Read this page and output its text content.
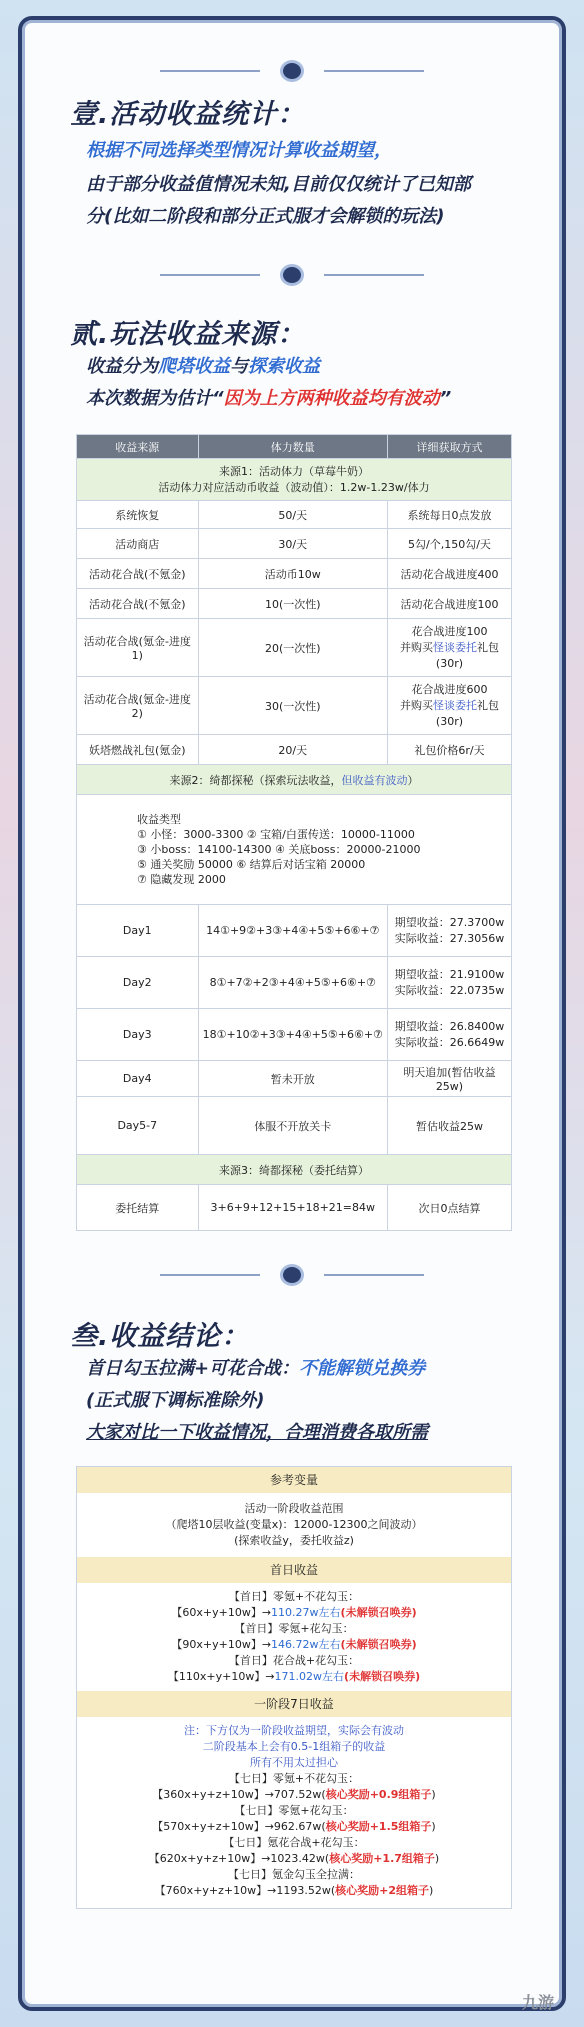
壹.活动收益统计：
根据不同选择类型情况计算收益期望，
由于部分收益值情况未知,目前仅仅统计了已知部
分(比如二阶段和部分正式服才会解锁的玩法)
贰.玩法收益来源：
收益分为爬塔收益与探索收益
本次数据为估计“因为上方两种收益均有波动”
收益来源	体力数量	详细获取方式

来源1：活动体力（草莓牛奶）
活动体力对应活动币收益（波动值）：1.2w-1.23w/体力		

系统恢复	50/天	系统每日0点发放
活动商店	30/天	5勾/个,150勾/天
活动花合战(不氪金)	活动币10w	活动花合战进度400
活动花合战(不氪金)	10(一次性)	活动花合战进度100
活动花合战(氪金-进度1)	20(一次性)	花合战进度100
并购买怪谈委托礼包
(30r)

活动花合战(氪金-进度2)	30(一次性)	花合战进度600
并购买怪谈委托礼包
(30r)

妖塔燃战礼包(氪金)	20/天	礼包价格6r/天
来源2：绮都探秘（探索玩法收益，但收益有波动）		

收益类型
① 小怪：3000-3300 ② 宝箱/白蛋传送：10000-11000
③ 小boss：14100-14300 ④ 关底boss：20000-21000
⑤ 通关奖励 50000 ⑥ 结算后对话宝箱 20000
⑦ 隐藏发现 2000		

Day1	14①+9②+3③+4④+5⑤+6⑥+⑦	期望收益：27.3700w
实际收益：27.3056w

Day2	8①+7②+2③+4④+5⑤+6⑥+⑦	期望收益：21.9100w
实际收益：22.0735w

Day3	18①+10②+3③+4④+5⑤+6⑥+⑦	期望收益：26.8400w
实际收益：26.6649w

Day4	暂未开放	明天追加(暂估收益25w)
Day5-7	体服不开放关卡	暂估收益25w
来源3：绮都探秘（委托结算）		
委托结算	3+6+9+12+15+18+21=84w	次日0点结算
叁.收益结论：
首日勾玉拉满+可花合战：不能解锁兑换券
(正式服下调标准除外)
大家对比一下收益情况，合理消费各取所需
参考变量
活动一阶段收益范围
（爬塔10层收益(变量x)：12000-12300之间波动）
(探索收益y，委托收益z)
首日收益
【首日】零氪+不花勾玉：
【60x+y+10w】→110.27w左右(未解锁召唤券)
【首日】零氪+花勾玉：
【90x+y+10w】→146.72w左右(未解锁召唤券)
【首日】花合战+花勾玉：
【110x+y+10w】→171.02w左右(未解锁召唤券)
一阶段7日收益
注：下方仅为一阶段收益期望，实际会有波动
二阶段基本上会有0.5-1组箱子的收益
所有不用太过担心
【七日】零氪+不花勾玉：
【360x+y+z+10w】→707.52w(核心奖励+0.9组箱子)
【七日】零氪+花勾玉：
【570x+y+z+10w】→962.67w(核心奖励+1.5组箱子)
【七日】氪花合战+花勾玉：
【620x+y+z+10w】→1023.42w(核心奖励+1.7组箱子)
【七日】氪金勾玉全拉满：
【760x+y+z+10w】→1193.52w(核心奖励+2组箱子)
九游
